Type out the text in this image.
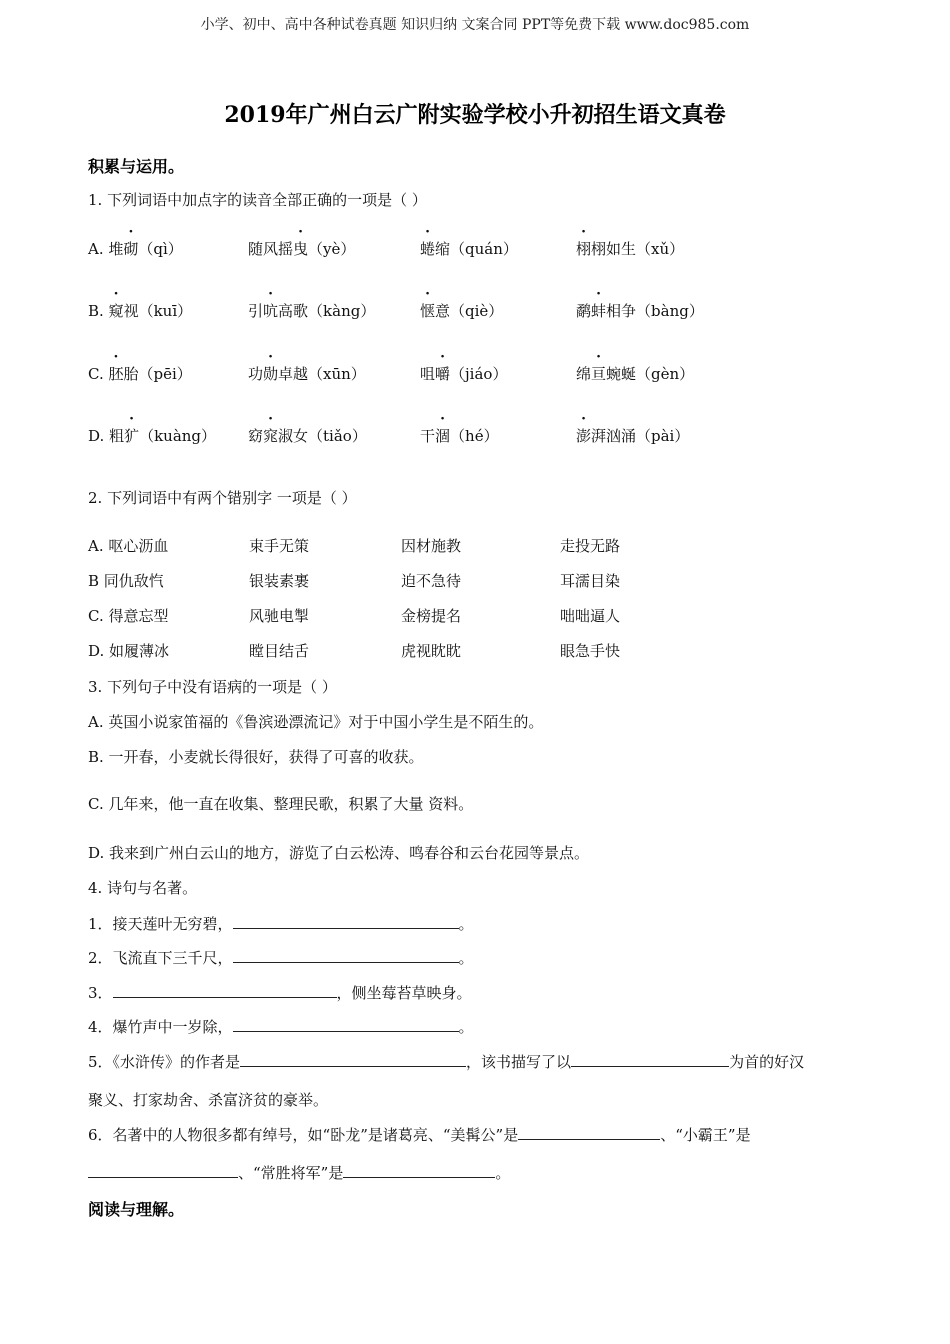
小学、初中、高中各种试卷真题 知识归纳 文案合同 PPT等免费下载 www.doc985.com
2019年广州白云广附实验学校小升初招生语文真卷
积累与运用。
1. 下列词语中加点字的读音全部正确的一项是（ ）
A. 堆砌（qì）	随风摇曳（yè）	蜷缩（quán）	栩栩如生（xǔ）
B. 窥视（kuī）	引吭高歌（kàng）	惬意（qiè）	鹬蚌相争（bàng）
C. 胚胎（pēi）	功勋卓越（xūn）	咀嚼（jiáo）	绵亘蜿蜒（gèn）
D. 粗犷（kuàng） 窈窕淑女（tiǎo）	干涸（hé）	澎湃汹涌（pài）
2. 下列词语中有两个错别字 一项是（ ）
A. 呕心沥血	束手无策	因材施教	走投无路
B 同仇敌忾	银装素裹	迫不急待	耳濡目染
C. 得意忘型	风驰电掣	金榜提名	咄咄逼人
D. 如履薄冰	瞠目结舌	虎视眈眈	眼急手快
3. 下列句子中没有语病的一项是（ ）
A. 英国小说家笛福的《鲁滨逊漂流记》对于中国小学生是不陌生的。
B. 一开春，小麦就长得很好，获得了可喜的收获。
C. 几年来，他一直在收集、整理民歌，积累了大量 资料。
D. 我来到广州白云山的地方，游览了白云松涛、鸣春谷和云台花园等景点。
4. 诗句与名著。
1．接天莲叶无穷碧，	。
2．飞流直下三千尺，	。
3．	，侧坐莓苔草映身。
4．爆竹声中一岁除，	。
5．《水浒传》的作者是	，该书描写了以	为首的好汉
聚义、打家劫舍、杀富济贫的豪举。
6．名著中的人物很多都有绰号，如“卧龙”是诸葛亮、“美髯公”是	、“小霸王”是
、“常胜将军”是	。
阅读与理解。
